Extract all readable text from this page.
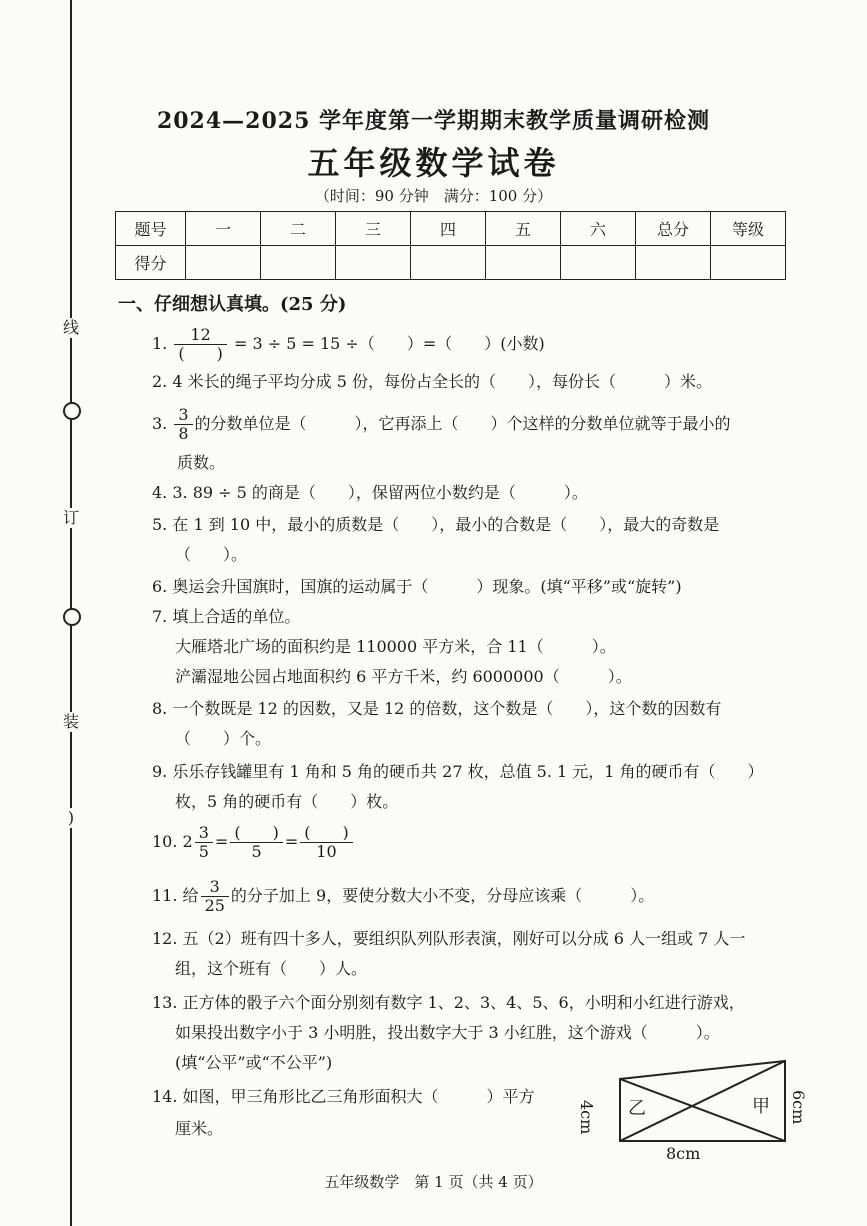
线
订
装
)
2024—2025 学年度第一学期期末教学质量调研检测
五年级数学试卷
（时间：90 分钟　满分：100 分）
题号	一	二	三	四	五	六	总分	等级
得分								
一、仔细想认真填。(25 分)
1. $\frac{12}{( )} = 3 \div 5 = 15$ ÷（　　）=（　　）(小数)
2. 4 米长的绳子平均分成 5 份，每份占全长的（　　），每份长（　　　）米。
3. $\frac{3}{8}$ 的分数单位是（　　　），它再添上（　　）个这样的分数单位就等于最小的
质数。
4. 3. 89 ÷ 5 的商是（　　），保留两位小数约是（　　　）。
5. 在 1 到 10 中，最小的质数是（　　），最小的合数是（　　），最大的奇数是
（　　）。
6. 奥运会升国旗时，国旗的运动属于（　　　）现象。(填“平移”或“旋转”)
7. 填上合适的单位。
大雁塔北广场的面积约是 110000 平方米，合 11（　　　）。
浐灞湿地公园占地面积约 6 平方千米，约 6000000（　　　）。
8. 一个数既是 12 的因数，又是 12 的倍数，这个数是（　　），这个数的因数有
（　　）个。
9. 乐乐存钱罐里有 1 角和 5 角的硬币共 27 枚，总值 5. 1 元，1 角的硬币有（　　）
枚，5 角的硬币有（　　）枚。
10. $2 \frac{3}{5} = \frac{( )}{5} = \frac{( )}{10}$
11. 给 $\frac{3}{25}$ 的分子加上 9，要使分数大小不变，分母应该乘（　　　）。
12. 五（2）班有四十多人，要组织队列队形表演，刚好可以分成 6 人一组或 7 人一
组，这个班有（　　）人。
13. 正方体的骰子六个面分别刻有数字 1、2、3、4、5、6，小明和小红进行游戏，
如果投出数字小于 3 小明胜，投出数字大于 3 小红胜，这个游戏（　　　）。
(填“公平”或“不公平”)
14. 如图，甲三角形比乙三角形面积大（　　　）平方
厘米。	4cm 乙	甲 6cm
8cm
五年级数学　第 1 页（共 4 页）
